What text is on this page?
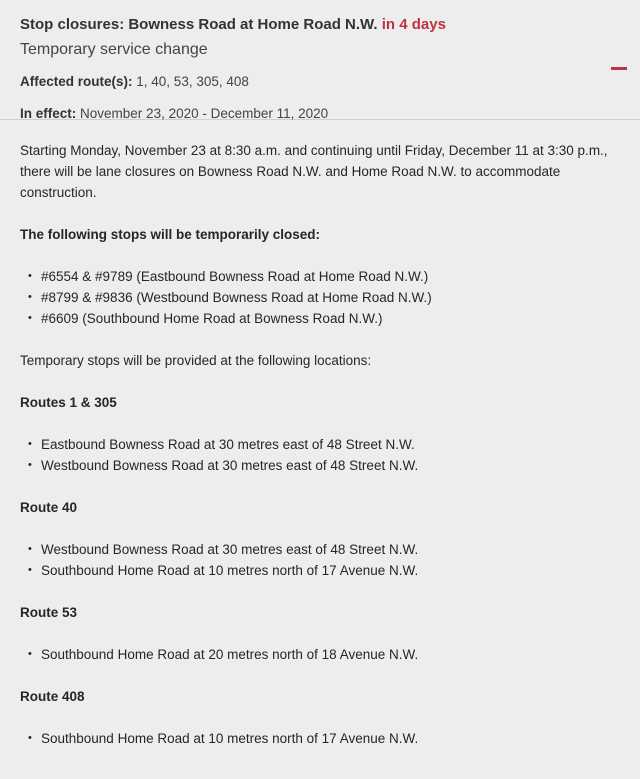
Stop closures: Bowness Road at Home Road N.W. in 4 days

Temporary service change
Affected route(s): 1, 40, 53, 305, 408
In effect: November 23, 2020 - December 11, 2020

Starting Monday, November 23 at 8:30 a.m. and continuing until Friday, December 11 at 3:30 p.m., there will be lane closures on Bowness Road N.W. and Home Road N.W. to accommodate construction.

The following stops will be temporarily closed:

• #6554 & #9789 (Eastbound Bowness Road at Home Road N.W.)
• #8799 & #9836 (Westbound Bowness Road at Home Road N.W.)
• #6609 (Southbound Home Road at Bowness Road N.W.)

Temporary stops will be provided at the following locations:

Routes 1 & 305

• Eastbound Bowness Road at 30 metres east of 48 Street N.W.
• Westbound Bowness Road at 30 metres east of 48 Street N.W.

Route 40

• Westbound Bowness Road at 30 metres east of 48 Street N.W.
• Southbound Home Road at 10 metres north of 17 Avenue N.W.

Route 53

• Southbound Home Road at 20 metres north of 18 Avenue N.W.

Route 408

• Southbound Home Road at 10 metres north of 17 Avenue N.W.
